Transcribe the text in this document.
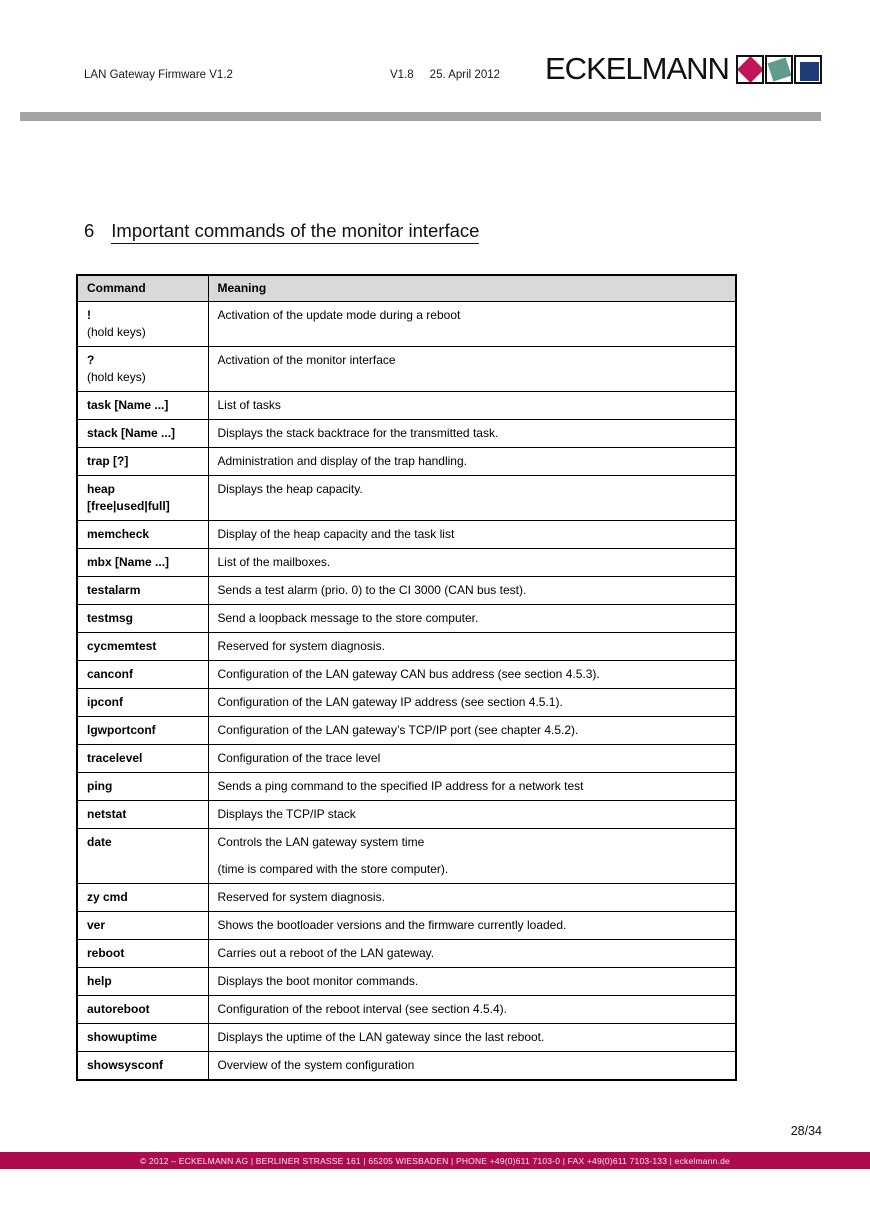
LAN Gateway Firmware V1.2	V1.8 25. April 2012 ECKELMANN
6 Important commands of the monitor interface
Command	Meaning

!
(hold keys)	Activation of the update mode during a reboot

?
(hold keys)	Activation of the monitor interface

task [Name ...]	List of tasks

stack [Name ...]	Displays the stack backtrace for the transmitted task.

trap [?]	Administration and display of the trap handling.

heap
[free|used|full]	Displays the heap capacity.

memcheck	Display of the heap capacity and the task list

mbx [Name ...]	List of the mailboxes.

testalarm	Sends a test alarm (prio. 0) to the CI 3000 (CAN bus test).

testmsg	Send a loopback message to the store computer.

cycmemtest	Reserved for system diagnosis.

canconf	Configuration of the LAN gateway CAN bus address (see section 4.5.3).

ipconf	Configuration of the LAN gateway IP address (see section 4.5.1).

lgwportconf	Configuration of the LAN gateway’s TCP/IP port (see chapter 4.5.2).

tracelevel	Configuration of the trace level

ping	Sends a ping command to the specified IP address for a network test

netstat	Displays the TCP/IP stack

date	Controls the LAN gateway system time
(time is compared with the store computer).

zy cmd	Reserved for system diagnosis.

ver	Shows the bootloader versions and the firmware currently loaded.

reboot	Carries out a reboot of the LAN gateway.

help	Displays the boot monitor commands.

autoreboot	Configuration of the reboot interval (see section 4.5.4).

showuptime	Displays the uptime of the LAN gateway since the last reboot.

showsysconf	Overview of the system configuration
28/34
© 2012 – ECKELMANN AG | BERLINER STRASSE 161 | 65205 WIESBADEN | PHONE +49(0)611 7103-0 | FAX +49(0)611 7103-133 | eckelmann.de
